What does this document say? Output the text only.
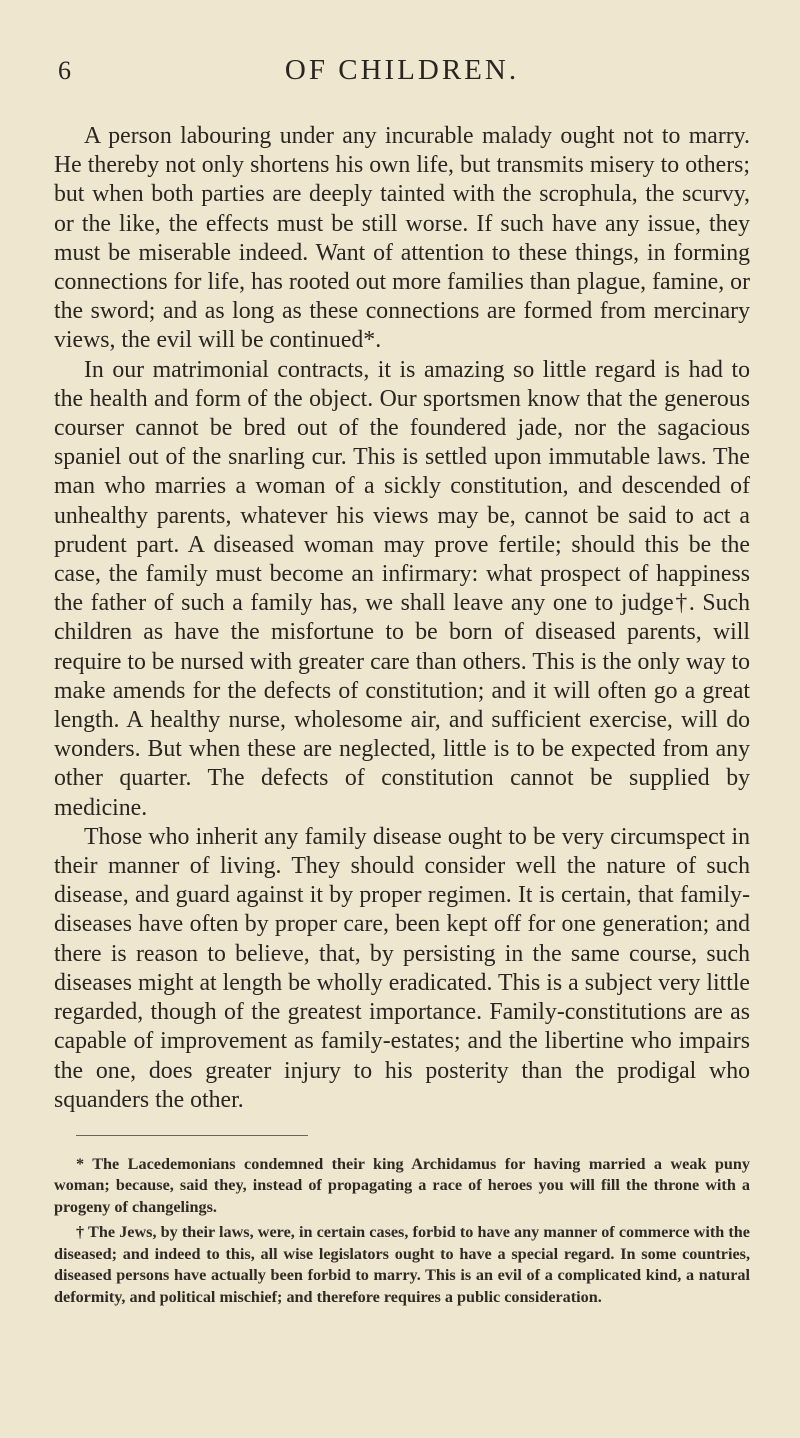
6	OF CHILDREN.

A person labouring under any incurable malady ought not to marry. He thereby not only shortens his own life, but transmits misery to others; but when both parties are deeply tainted with the scrophula, the scurvy, or the like, the effects must be still worse. If such have any issue, they must be miserable indeed. Want of attention to these things, in forming connections for life, has rooted out more families than plague, famine, or the sword; and as long as these connections are formed from mercinary views, the evil will be continued*.

In our matrimonial contracts, it is amazing so little regard is had to the health and form of the object. Our sportsmen know that the generous courser cannot be bred out of the foundered jade, nor the sagacious spaniel out of the snarling cur. This is settled upon immutable laws. The man who marries a woman of a sickly constitution, and descended of unhealthy parents, whatever his views may be, cannot be said to act a prudent part. A diseased woman may prove fertile; should this be the case, the family must become an infirmary: what prospect of happiness the father of such a family has, we shall leave any one to judge†. Such children as have the misfortune to be born of diseased parents, will require to be nursed with greater care than others. This is the only way to make amends for the defects of constitution; and it will often go a great length. A healthy nurse, wholesome air, and sufficient exercise, will do wonders. But when these are neglected, little is to be expected from any other quarter. The defects of constitution cannot be supplied by medicine.

Those who inherit any family disease ought to be very circumspect in their manner of living. They should consider well the nature of such disease, and guard against it by proper regimen. It is certain, that family-diseases have often by proper care, been kept off for one generation; and there is reason to believe, that, by persisting in the same course, such diseases might at length be wholly eradicated. This is a subject very little regarded, though of the greatest importance. Family-constitutions are as capable of improvement as family-estates; and the libertine who impairs the one, does greater injury to his posterity than the prodigal who squanders the other.

* The Lacedemonians condemned their king Archidamus for having married a weak puny woman; because, said they, instead of propagating a race of heroes you will fill the throne with a progeny of changelings.

† The Jews, by their laws, were, in certain cases, forbid to have any manner of commerce with the diseased; and indeed to this, all wise legislators ought to have a special regard. In some countries, diseased persons have actually been forbid to marry. This is an evil of a complicated kind, a natural deformity, and political mischief; and therefore requires a public consideration.
